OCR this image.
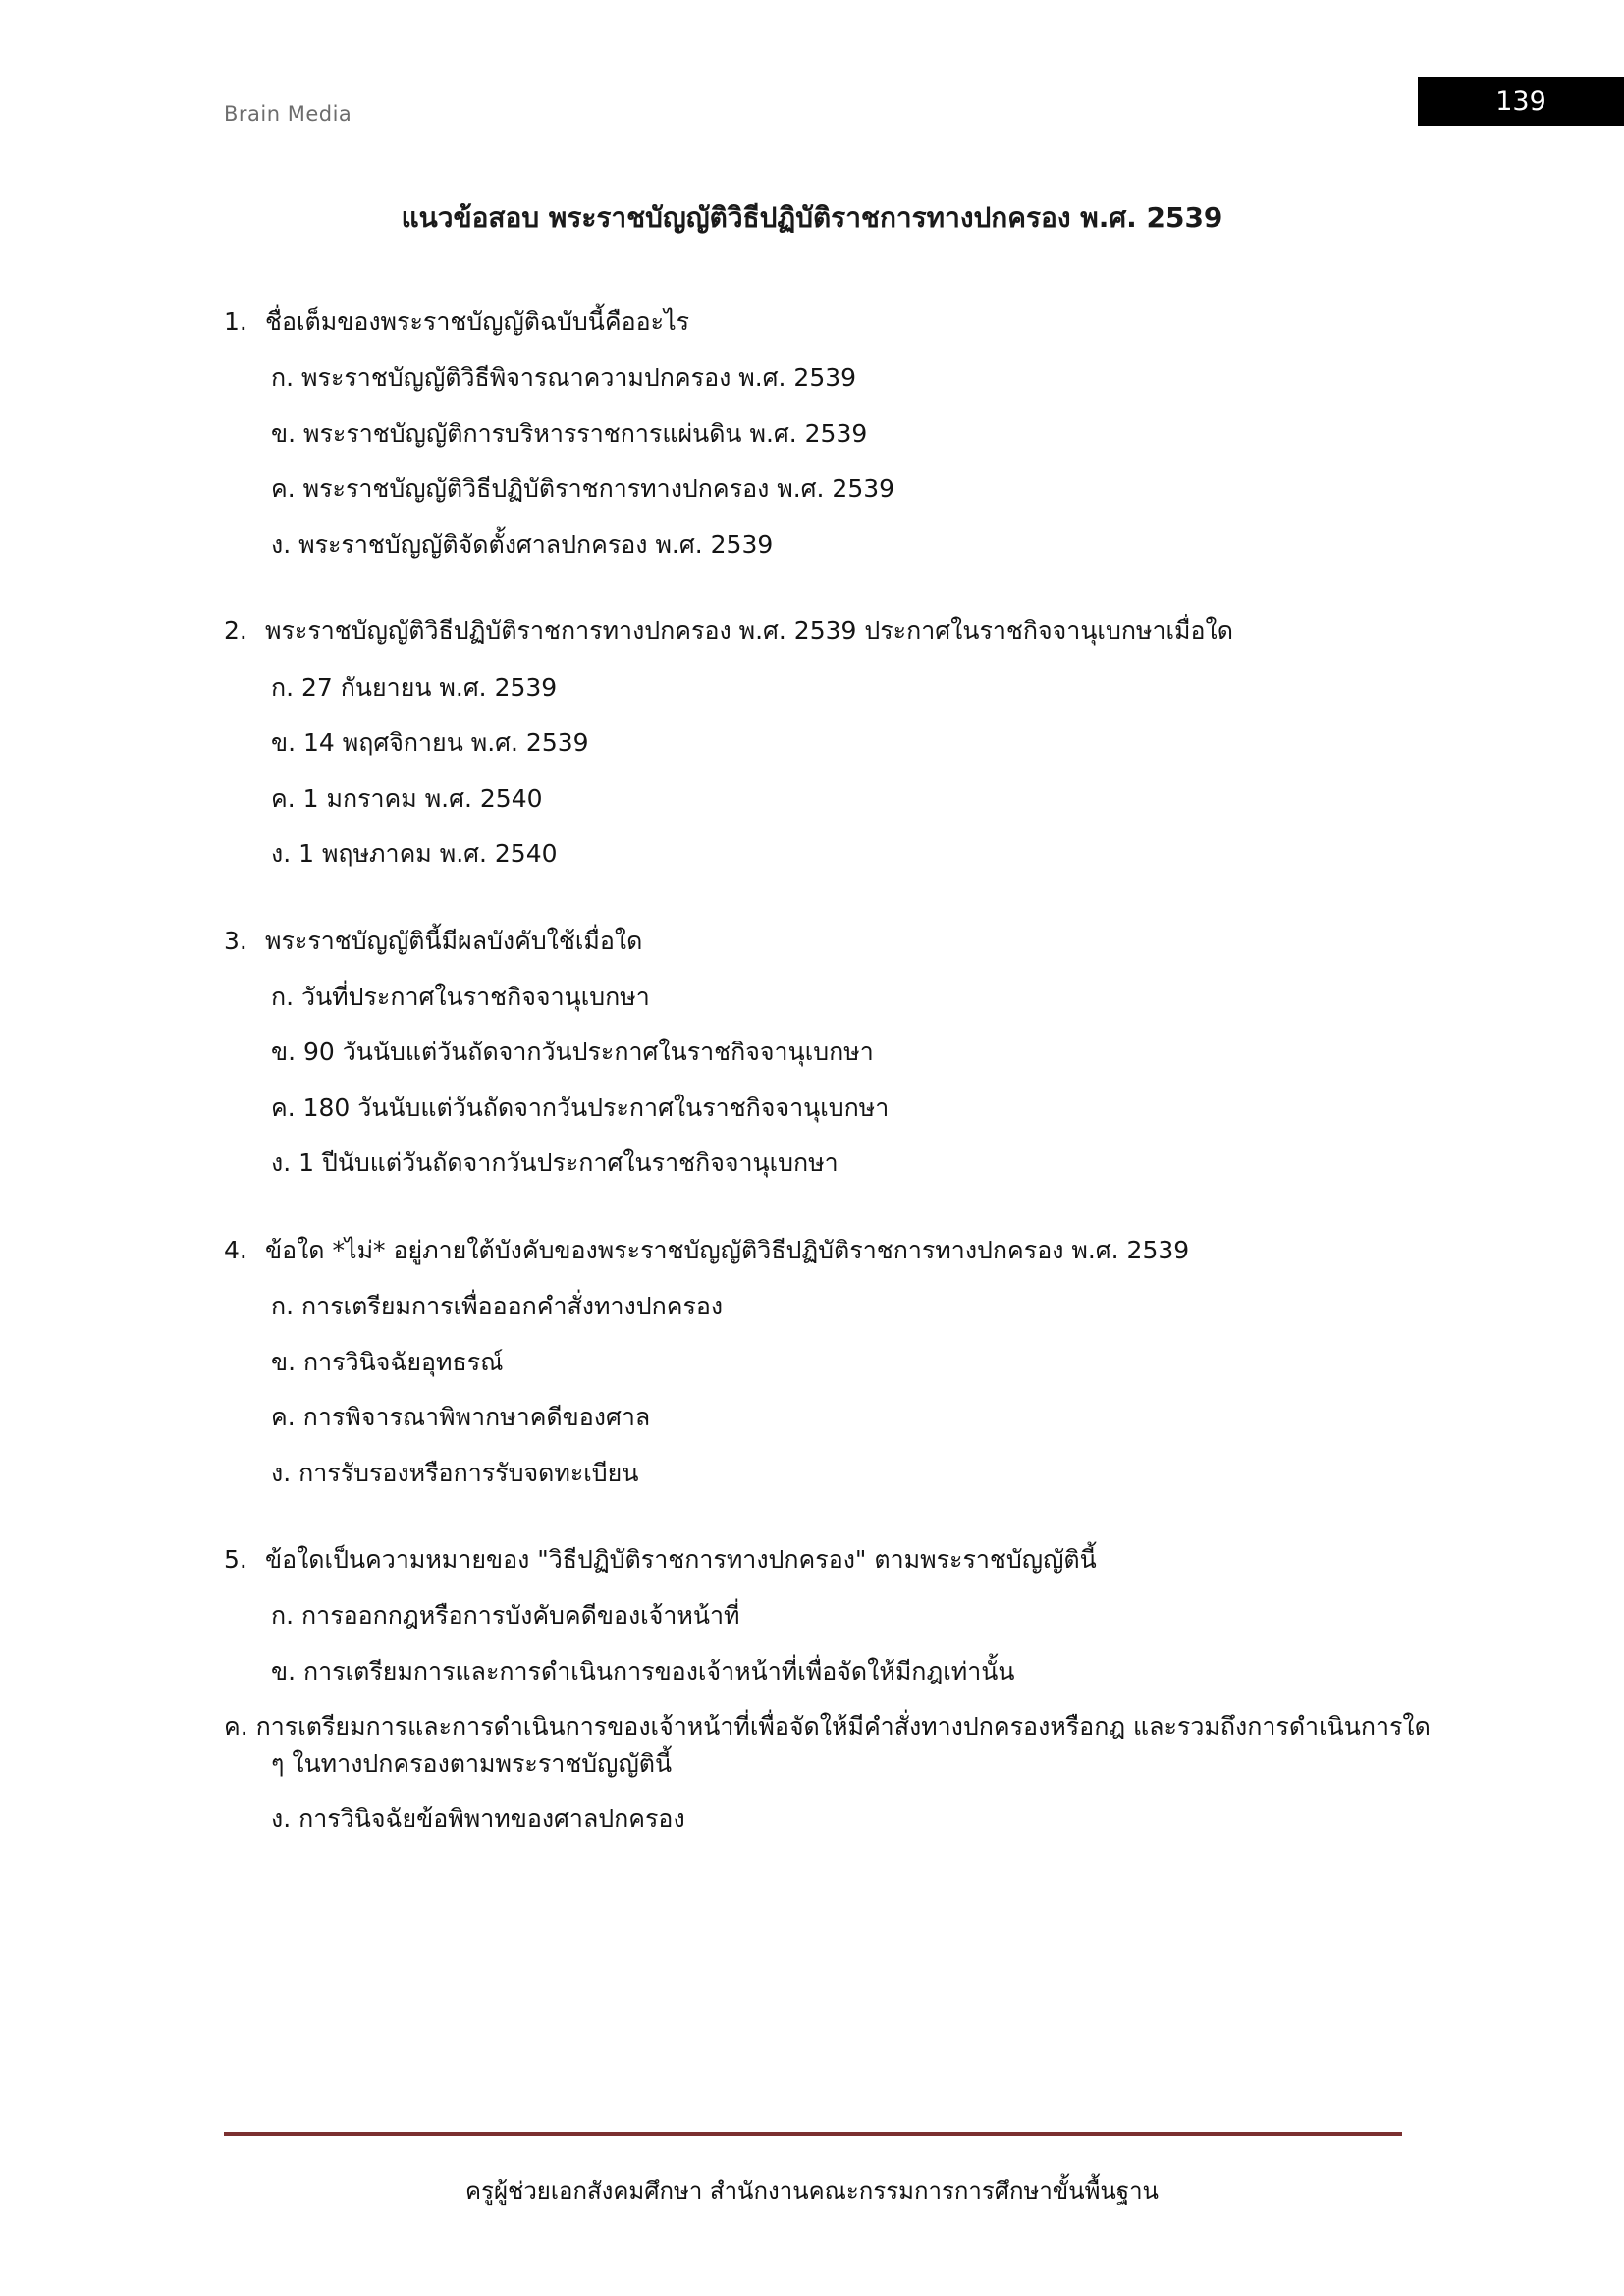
Brain Media	139
แนวข้อสอบ พระราชบัญญัติวิธีปฏิบัติราชการทางปกครอง พ.ศ. 2539
1. ชื่อเต็มของพระราชบัญญัติฉบับนี้คืออะไร
ก. พระราชบัญญัติวิธีพิจารณาความปกครอง พ.ศ. 2539
ข. พระราชบัญญัติการบริหารราชการแผ่นดิน พ.ศ. 2539
ค. พระราชบัญญัติวิธีปฏิบัติราชการทางปกครอง พ.ศ. 2539
ง. พระราชบัญญัติจัดตั้งศาลปกครอง พ.ศ. 2539
2. พระราชบัญญัติวิธีปฏิบัติราชการทางปกครอง พ.ศ. 2539 ประกาศในราชกิจจานุเบกษาเมื่อใด
ก. 27 กันยายน พ.ศ. 2539
ข. 14 พฤศจิกายน พ.ศ. 2539
ค. 1 มกราคม พ.ศ. 2540
ง. 1 พฤษภาคม พ.ศ. 2540
3. พระราชบัญญัตินี้มีผลบังคับใช้เมื่อใด
ก. วันที่ประกาศในราชกิจจานุเบกษา
ข. 90 วันนับแต่วันถัดจากวันประกาศในราชกิจจานุเบกษา
ค. 180 วันนับแต่วันถัดจากวันประกาศในราชกิจจานุเบกษา
ง. 1 ปีนับแต่วันถัดจากวันประกาศในราชกิจจานุเบกษา
4. ข้อใด *ไม่* อยู่ภายใต้บังคับของพระราชบัญญัติวิธีปฏิบัติราชการทางปกครอง พ.ศ. 2539
ก. การเตรียมการเพื่อออกคำสั่งทางปกครอง
ข. การวินิจฉัยอุทธรณ์
ค. การพิจารณาพิพากษาคดีของศาล
ง. การรับรองหรือการรับจดทะเบียน
5. ข้อใดเป็นความหมายของ "วิธีปฏิบัติราชการทางปกครอง" ตามพระราชบัญญัตินี้
ก. การออกกฎหรือการบังคับคดีของเจ้าหน้าที่
ข. การเตรียมการและการดำเนินการของเจ้าหน้าที่เพื่อจัดให้มีกฎเท่านั้น
ค. การเตรียมการและการดำเนินการของเจ้าหน้าที่เพื่อจัดให้มีคำสั่งทางปกครองหรือกฎ และรวมถึงการดำเนินการใด ๆ ในทางปกครองตามพระราชบัญญัตินี้
ง. การวินิจฉัยข้อพิพาทของศาลปกครอง
ครูผู้ช่วยเอกสังคมศึกษา สำนักงานคณะกรรมการการศึกษาขั้นพื้นฐาน
